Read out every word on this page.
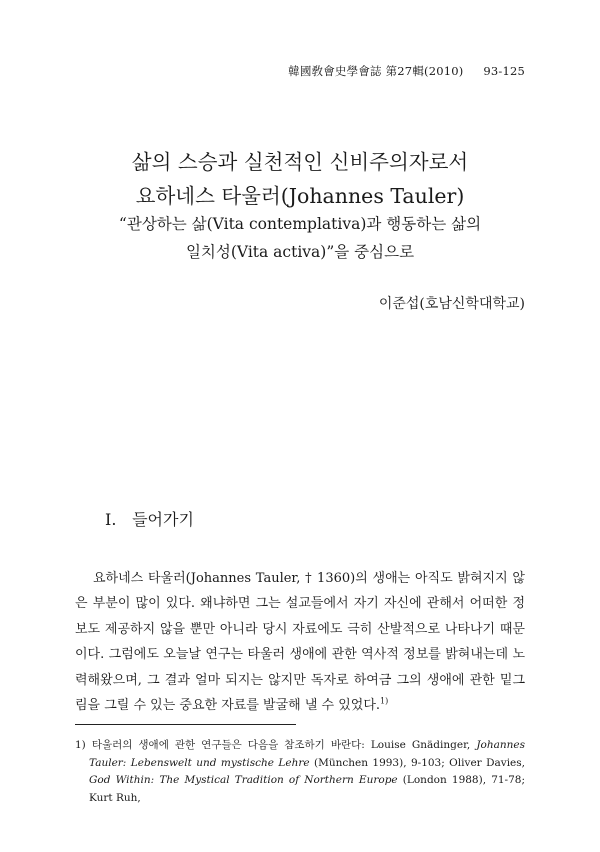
韓國敎會史學會誌 第27輯(2010) 93-125
삶의 스승과 실천적인 신비주의자로서
요하네스 타울러(Johannes Tauler)
“관상하는 삶(Vita contemplativa)과 행동하는 삶의
일치성(Vita activa)”을 중심으로
이준섭(호남신학대학교)
Ⅰ. 들어가기

요하네스 타울러(Johannes Tauler, † 1360)의 생애는 아직도 밝혀지지 않은 부분이 많이 있다. 왜냐하면 그는 설교들에서 자기 자신에 관해서 어떠한 정보도 제공하지 않을 뿐만 아니라 당시 자료에도 극히 산발적으로 나타나기 때문이다. 그럼에도 오늘날 연구는 타울러 생애에 관한 역사적 정보를 밝혀내는데 노력해왔으며, 그 결과 얼마 되지는 않지만 독자로 하여금 그의 생애에 관한 밑그림을 그릴 수 있는 중요한 자료를 발굴해 낼 수 있었다.$^{1)}$

1) 타울러의 생애에 관한 연구들은 다음을 참조하기 바란다: Louise Gnädinger, Johannes Tauler: Lebenswelt und mystische Lehre (München 1993), 9-103; Oliver Davies, God Within: The Mystical Tradition of Northern Europe (London 1988), 71-78; Kurt Ruh,
